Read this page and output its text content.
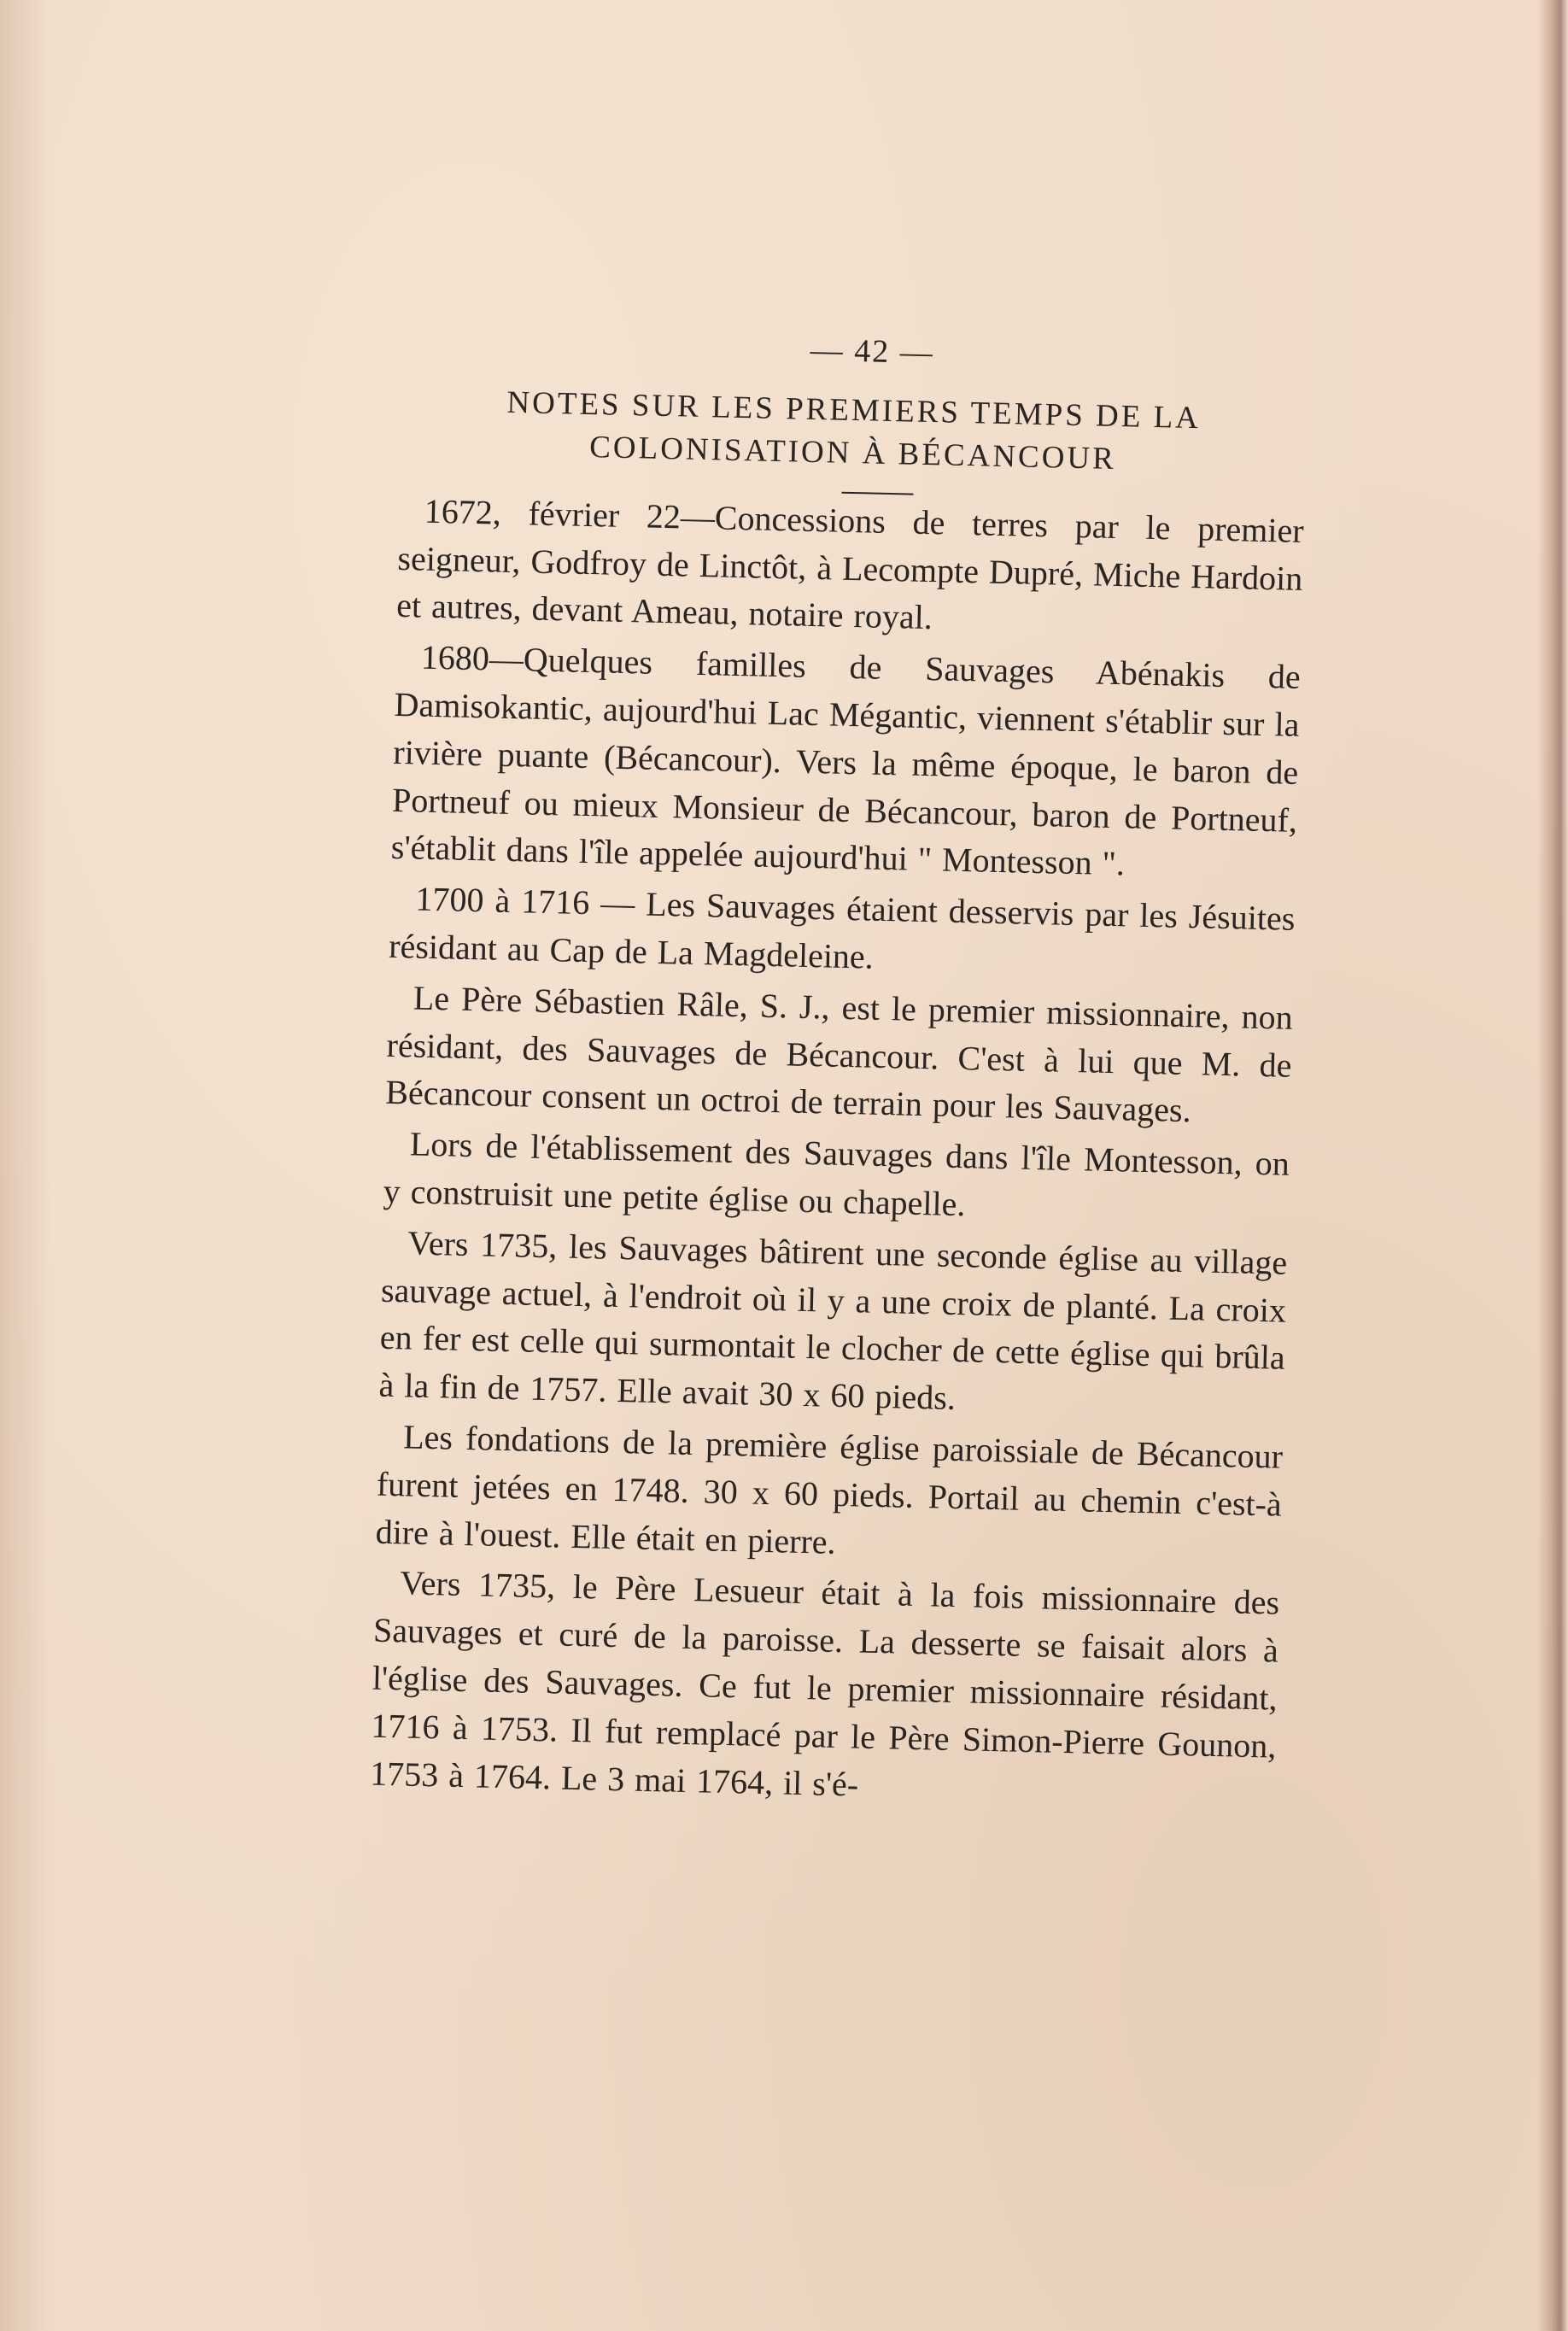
— 42 —
NOTES SUR LES PREMIERS TEMPS DE LA COLONISATION À BÉCANCOUR

1672, février 22—Concessions de terres par le premier seigneur, Godfroy de Linctôt, à Lecompte Dupré, Miche Hardoin et autres, devant Ameau, notaire royal.

1680—Quelques familles de Sauvages Abénakis de Damisokantic, aujourd'hui Lac Mégantic, viennent s'établir sur la rivière puante (Bécancour). Vers la même époque, le baron de Portneuf ou mieux Monsieur de Bécancour, baron de Portneuf, s'établit dans l'île appelée aujourd'hui " Montesson ".

1700 à 1716 — Les Sauvages étaient desservis par les Jésuites résidant au Cap de La Magdeleine.

Le Père Sébastien Râle, S. J., est le premier missionnaire, non résidant, des Sauvages de Bécancour. C'est à lui que M. de Bécancour consent un octroi de terrain pour les Sauvages.

Lors de l'établissement des Sauvages dans l'île Montesson, on y construisit une petite église ou chapelle.

Vers 1735, les Sauvages bâtirent une seconde église au village sauvage actuel, à l'endroit où il y a une croix de planté. La croix en fer est celle qui surmontait le clocher de cette église qui brûla à la fin de 1757. Elle avait 30 x 60 pieds.

Les fondations de la première église paroissiale de Bécancour furent jetées en 1748. 30 x 60 pieds. Portail au chemin c'est-à dire à l'ouest. Elle était en pierre.

Vers 1735, le Père Lesueur était à la fois missionnaire des Sauvages et curé de la paroisse. La desserte se faisait alors à l'église des Sauvages. Ce fut le premier missionnaire résidant, 1716 à 1753. Il fut remplacé par le Père Simon-Pierre Gounon, 1753 à 1764. Le 3 mai 1764, il s'é-
